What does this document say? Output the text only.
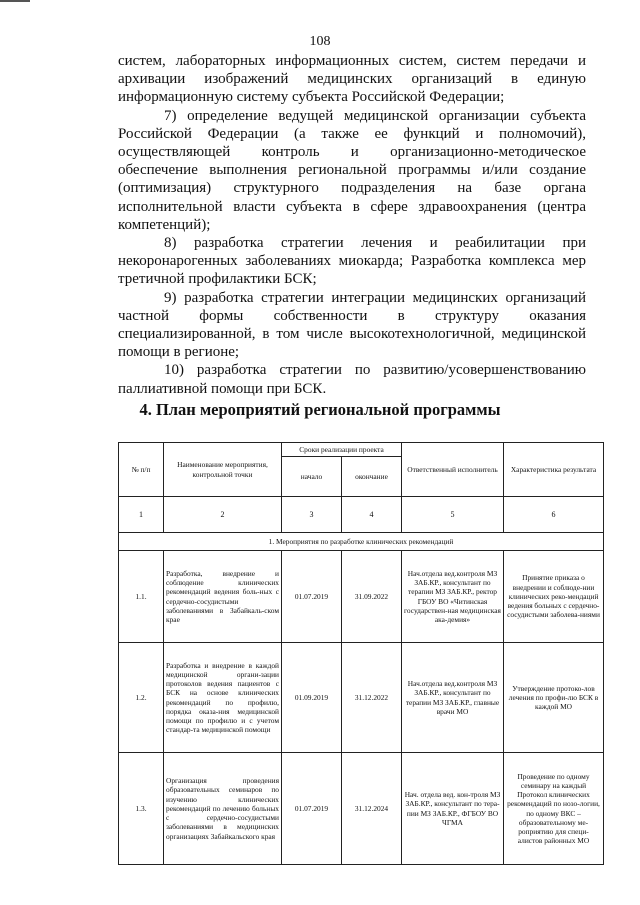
108

систем, лабораторных информационных систем, систем передачи и архивации изображений медицинских организаций в единую информационную систему субъекта Российской Федерации;

7) определение ведущей медицинской организации субъекта Российской Федерации (а также ее функций и полномочий), осуществляющей контроль и организационно-методическое обеспечение выполнения региональной программы и/или создание (оптимизация) структурного подразделения на базе органа исполнительной власти субъекта в сфере здравоохранения (центра компетенций);

8) разработка стратегии лечения и реабилитации при некоронарогенных заболеваниях миокарда; Разработка комплекса мер третичной профилактики БСК;

9) разработка стратегии интеграции медицинских организаций частной формы собственности в структуру оказания специализированной, в том числе высокотехнологичной, медицинской помощи в регионе;

10) разработка стратегии по развитию/усовершенствованию паллиативной помощи при БСК.

4. План мероприятий региональной программы
№ п/п	Наименование мероприятия, контрольной точки	Сроки реализации проекта		Ответственный исполнитель	Характеристика результата
		начало	окончание		
1	2	3	4	5	6
1. Мероприятия по разработке клинических рекомендаций					
1.1.	Разработка, внедрение и соблюдение клинических рекомендаций ведения боль-ных с сердечно-сосудистыми заболеваниями в Забайкаль-ском крае	01.07.2019	31.09.2022	Нач.отдела вед.контроля МЗ ЗАБ.КР., консультант по терапии МЗ ЗАБ.КР., ректор ГБОУ ВО «Читинская государствен-ная медицинская ака-демия»	Принятие приказа о внедрении и соблюде-нии клинических реко-мендаций ведения больных с сердечно-сосудистыми заболева-ниями
1.2.	Разработка и внедрение в каждой медицинской органи-зации протоколов ведения пациентов с БСК на основе клинических рекомендаций по профилю, порядка оказа-ния медицинской помощи по профилю и с учетом стандар-та медицинской помощи	01.09.2019	31.12.2022	Нач.отдела вед.контроля МЗ ЗАБ.КР., консультант по терапии МЗ ЗАБ.КР., главные врачи МО	Утверждение протоко-лов лечения по профи-лю БСК в каждой МО
1.3.	Организация проведения образовательных семинаров по изучению клинических рекомендаций по лечению больных с сердечно-сосудистыми заболеваниями в медицинских организациях Забайкальского края	01.07.2019	31.12.2024	Нач. отдела вед. кон-троля МЗ ЗАБ.КР., консультант по тера-пии МЗ ЗАБ.КР., ФГБОУ ВО ЧГМА	Проведение по одному семинару на каждый Протокол клинических рекомендаций по нозо-логии, по одному ВКС – образовательному ме-роприятию для специ-алистов районных МО
